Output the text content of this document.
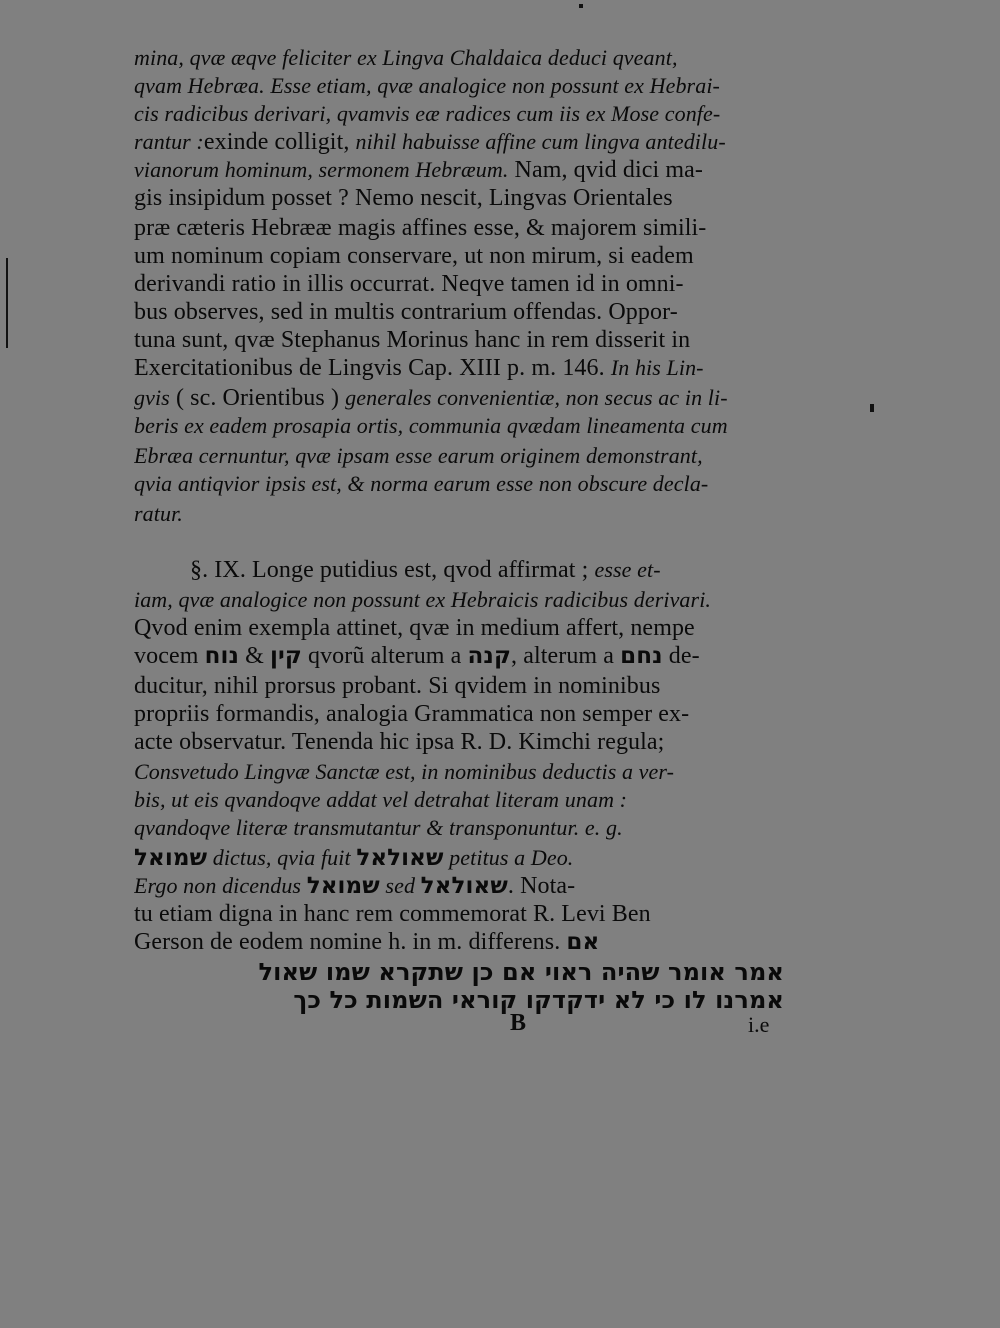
mina, qvæ æqve feliciter ex Lingva Chaldaica deduci qveant,
qvam Hebræa. Esse etiam, qvæ analogice non possunt ex Hebrai-
cis radicibus derivari, qvamvis eæ radices cum iis ex Mose confe-
rantur :exinde colligit, nihil habuisse affine cum lingva antedilu-
vianorum hominum, sermonem Hebræum. Nam, qvid dici ma-
gis insipidum posset ? Nemo nescit, Lingvas Orientales
præ cæteris Hebrææ magis affines esse, & majorem simili-
um nominum copiam conservare, ut non mirum, si eadem
derivandi ratio in illis occurrat. Neqve tamen id in omni-
bus observes, sed in multis contrarium offendas. Oppor-
tuna sunt, qvæ Stephanus Morinus hanc in rem disserit in
Exercitationibus de Lingvis Cap. XIII p. m. 146. In his Lin-
gvis ( sc. Orientibus ) generales convenientiæ, non secus ac in li-
beris ex eadem prosapia ortis, communia qvædam lineamenta cum
Ebræa cernuntur, qvæ ipsam esse earum originem demonstrant,
qvia antiqvior ipsis est, & norma earum esse non obscure decla-
ratur.
§. IX. Longe putidius est, qvod affirmat ; esse et-
iam, qvæ analogice non possunt ex Hebraicis radicibus derivari.
Qvod enim exempla attinet, qvæ in medium affert, nempe
vocem	קין & נוח	qvorũ alterum a קנה, alterum a נחם de-
ducitur, nihil prorsus probant. Si qvidem in nominibus
propriis formandis, analogia Grammatica non semper ex-
acte observatur. Tenenda hic ipsa R. D. Kimchi regula;
Consvetudo Lingvæ Sanctæ est, in nominibus deductis a ver-
bis, ut eis qvandoqve addat vel detrahat literam unam :
qvandoqve literæ transmutantur & transponuntur. e. g.
שמואל dictus, qvia fuit שאולאל petitus a Deo.
Ergo non dicendus שמואל sed שאולאל. Nota-
tu etiam digna in hanc rem commemorat R. Levi Ben
Gerson de eodem nomine h. in m. differens. אם
אמר אומר שהיה ראוי אם כן שתקרא שמו שאול
אמרנו לו כי לא ידקדקו קוראי השמות כל כך
B	i.e
